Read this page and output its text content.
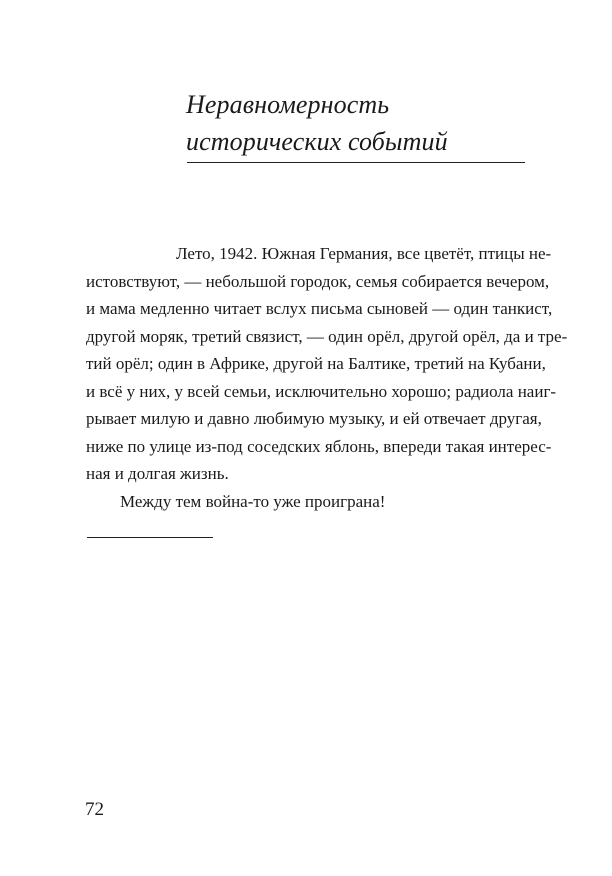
Неравномерность
исторических событий
Лето, 1942. Южная Германия, все цветёт, птицы не-
истовствуют, — небольшой городок, семья собирается вечером,
и мама медленно читает вслух письма сыновей — один танкист,
другой моряк, третий связист, — один орёл, другой орёл, да и тре-
тий орёл; один в Африке, другой на Балтике, третий на Кубани,
и всё у них, у всей семьи, исключительно хорошо; радиола наиг-
рывает милую и давно любимую музыку, и ей отвечает другая,
ниже по улице из-под соседских яблонь, впереди такая интерес-
ная и долгая жизнь.
Между тем война-то уже проиграна!
72
